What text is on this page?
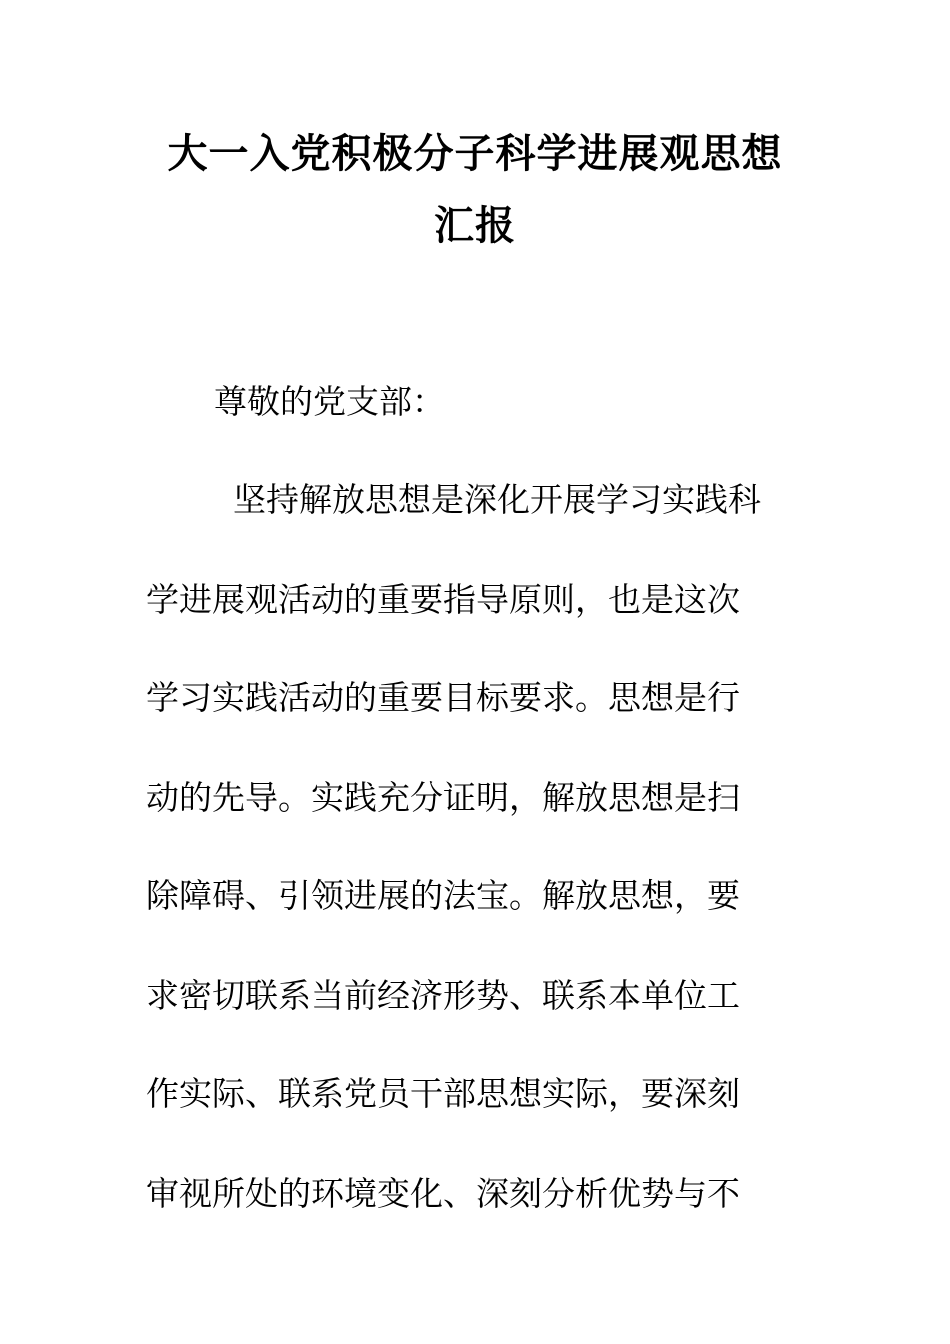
大一入党积极分子科学进展观思想
汇报

尊敬的党支部：

坚持解放思想是深化开展学习实践科

学进展观活动的重要指导原则，也是这次

学习实践活动的重要目标要求。思想是行

动的先导。实践充分证明，解放思想是扫

除障碍、引领进展的法宝。解放思想，要

求密切联系当前经济形势、联系本单位工

作实际、联系党员干部思想实际，要深刻

审视所处的环境变化、深刻分析优势与不
